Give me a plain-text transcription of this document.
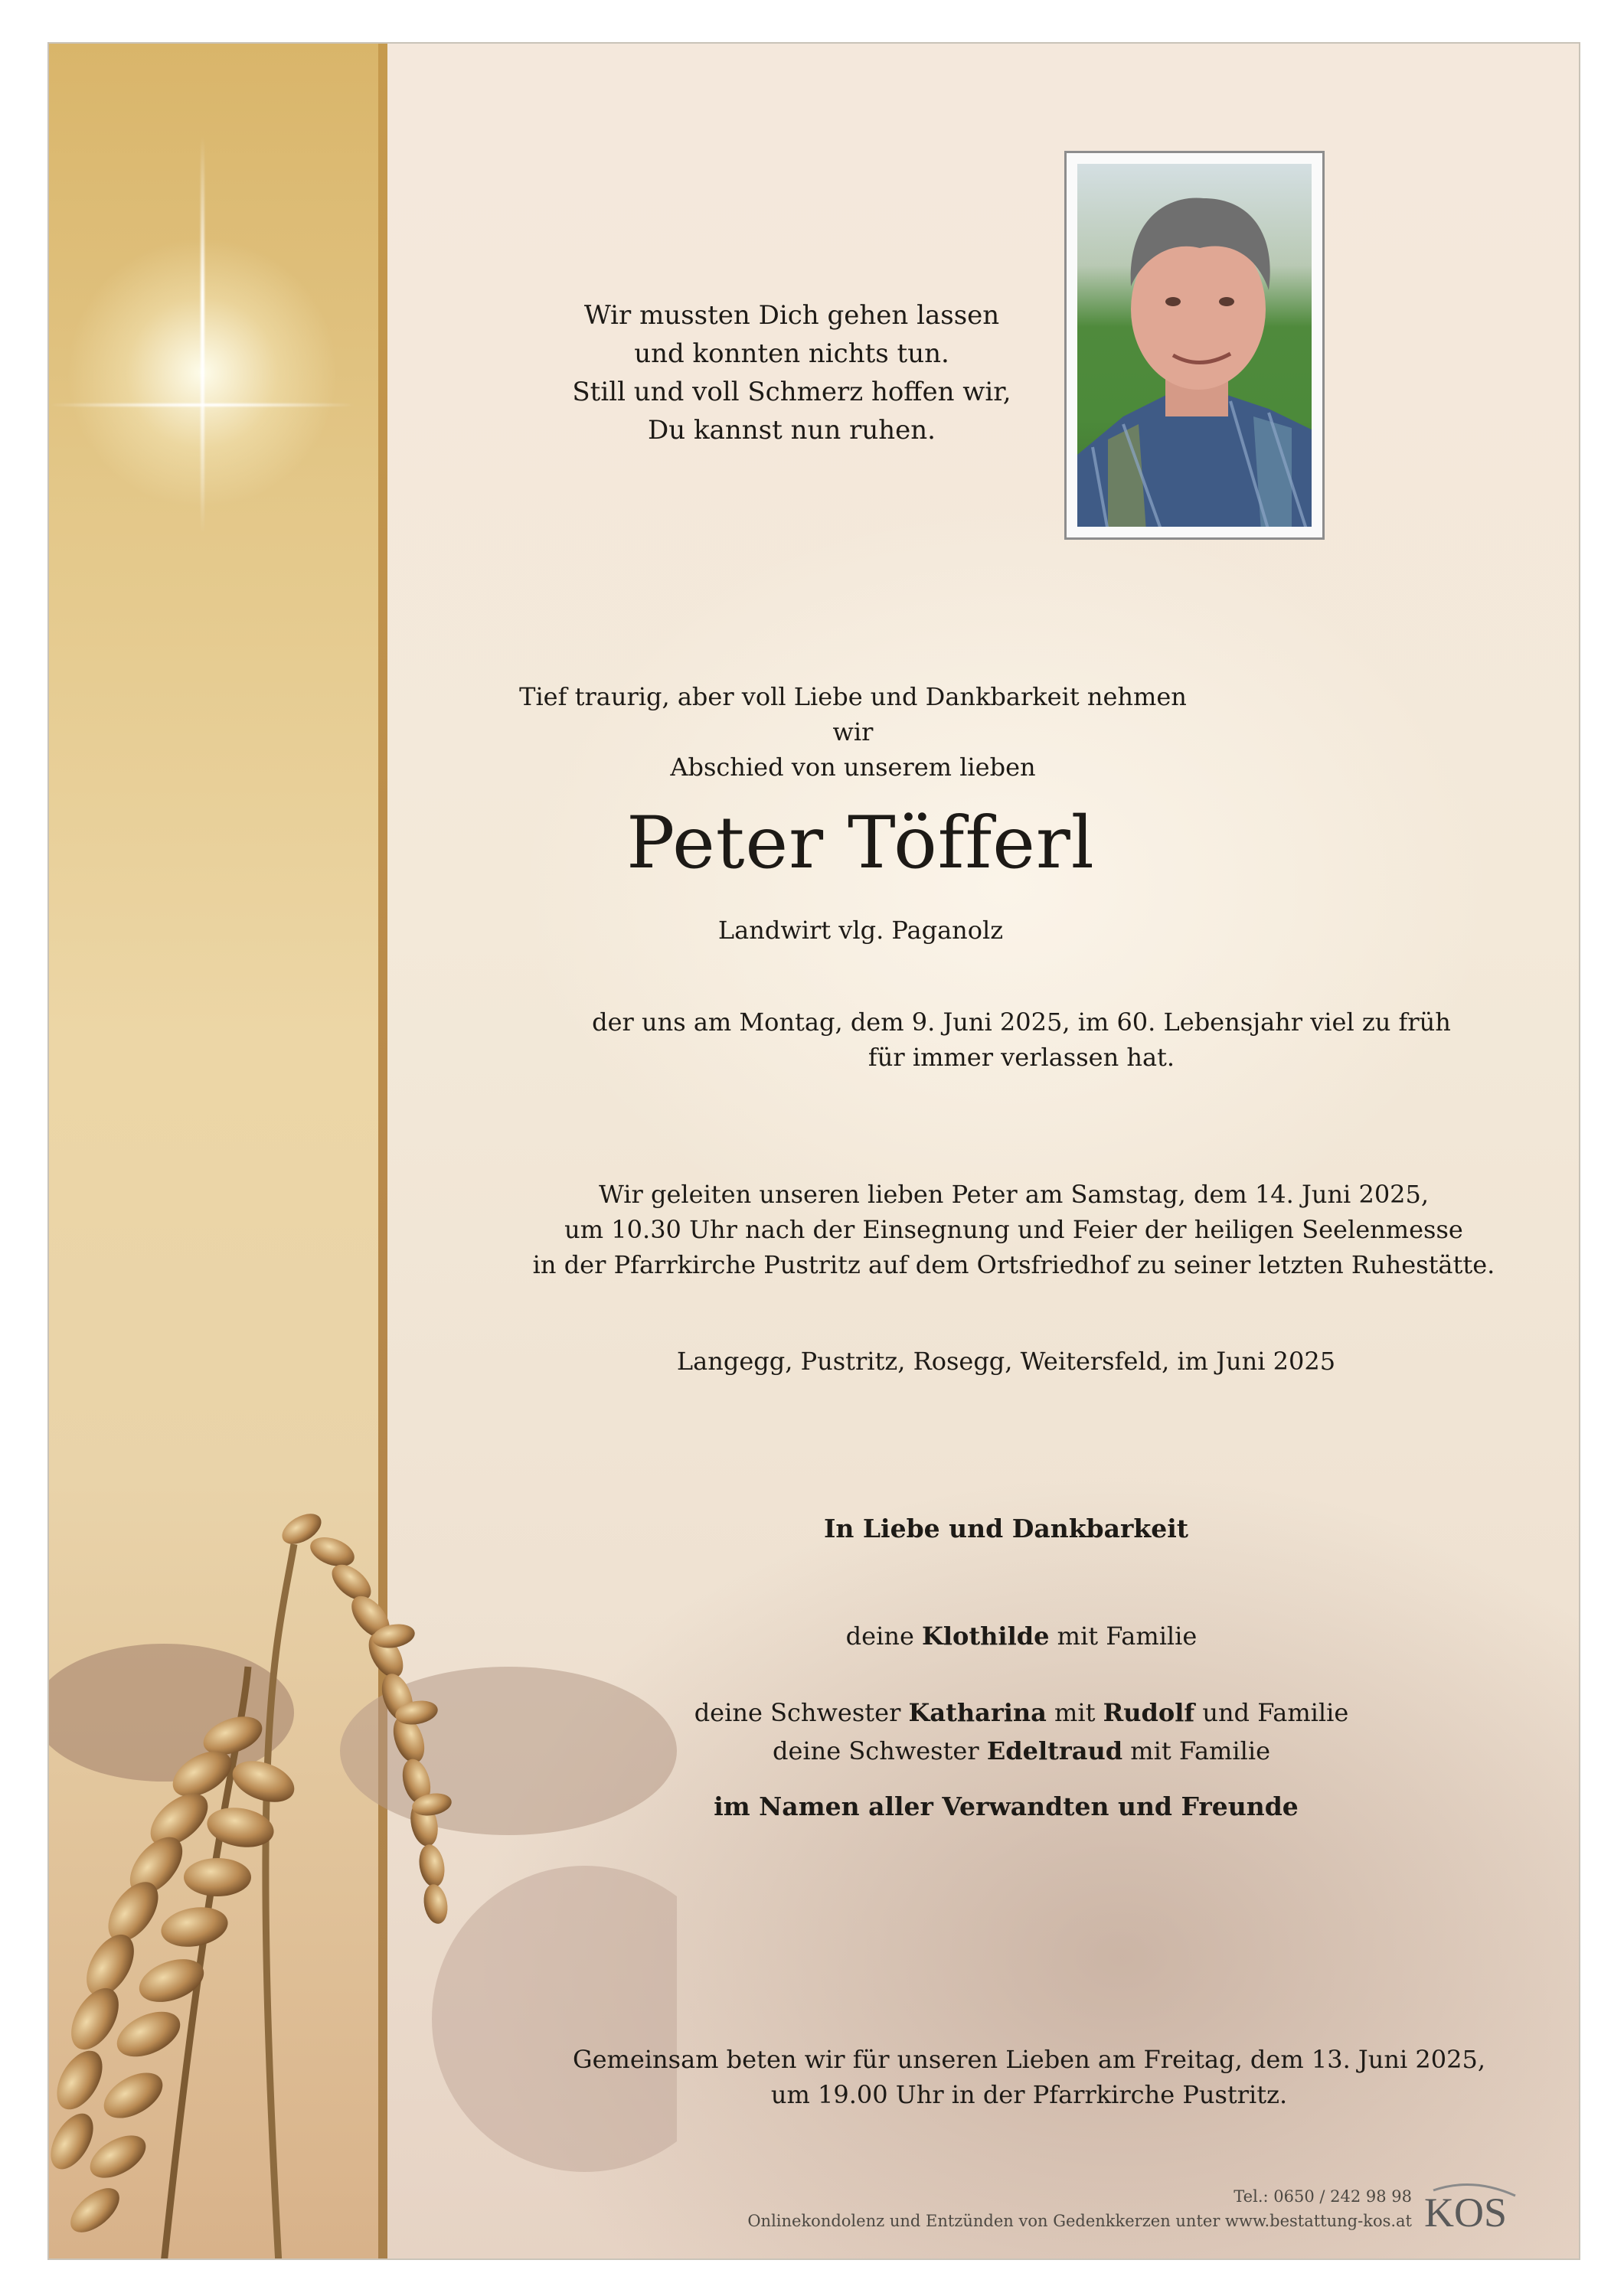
Wir mussten Dich gehen lassen
und konnten nichts tun.
Still und voll Schmerz hoffen wir,
Du kannst nun ruhen.
Tief traurig, aber voll Liebe und Dankbarkeit nehmen wir
Abschied von unserem lieben
Peter Töfferl
Landwirt vlg. Paganolz
der uns am Montag, dem 9. Juni 2025, im 60. Lebensjahr viel zu früh
für immer verlassen hat.
Wir geleiten unseren lieben Peter am Samstag, dem 14. Juni 2025,
um 10.30 Uhr nach der Einsegnung und Feier der heiligen Seelenmesse
in der Pfarrkirche Pustritz auf dem Ortsfriedhof zu seiner letzten Ruhestätte.
Langegg, Pustritz, Rosegg, Weitersfeld, im Juni 2025
In Liebe und Dankbarkeit
deine Klothilde mit Familie
deine Schwester Katharina mit Rudolf und Familie
deine Schwester Edeltraud mit Familie
im Namen aller Verwandten und Freunde
Gemeinsam beten wir für unseren Lieben am Freitag, dem 13. Juni 2025,
um 19.00 Uhr in der Pfarrkirche Pustritz.
Tel.: 0650 / 242 98 98
Onlinekondolenz und Entzünden von Gedenkkerzen unter www.bestattung-kos.at KOS
